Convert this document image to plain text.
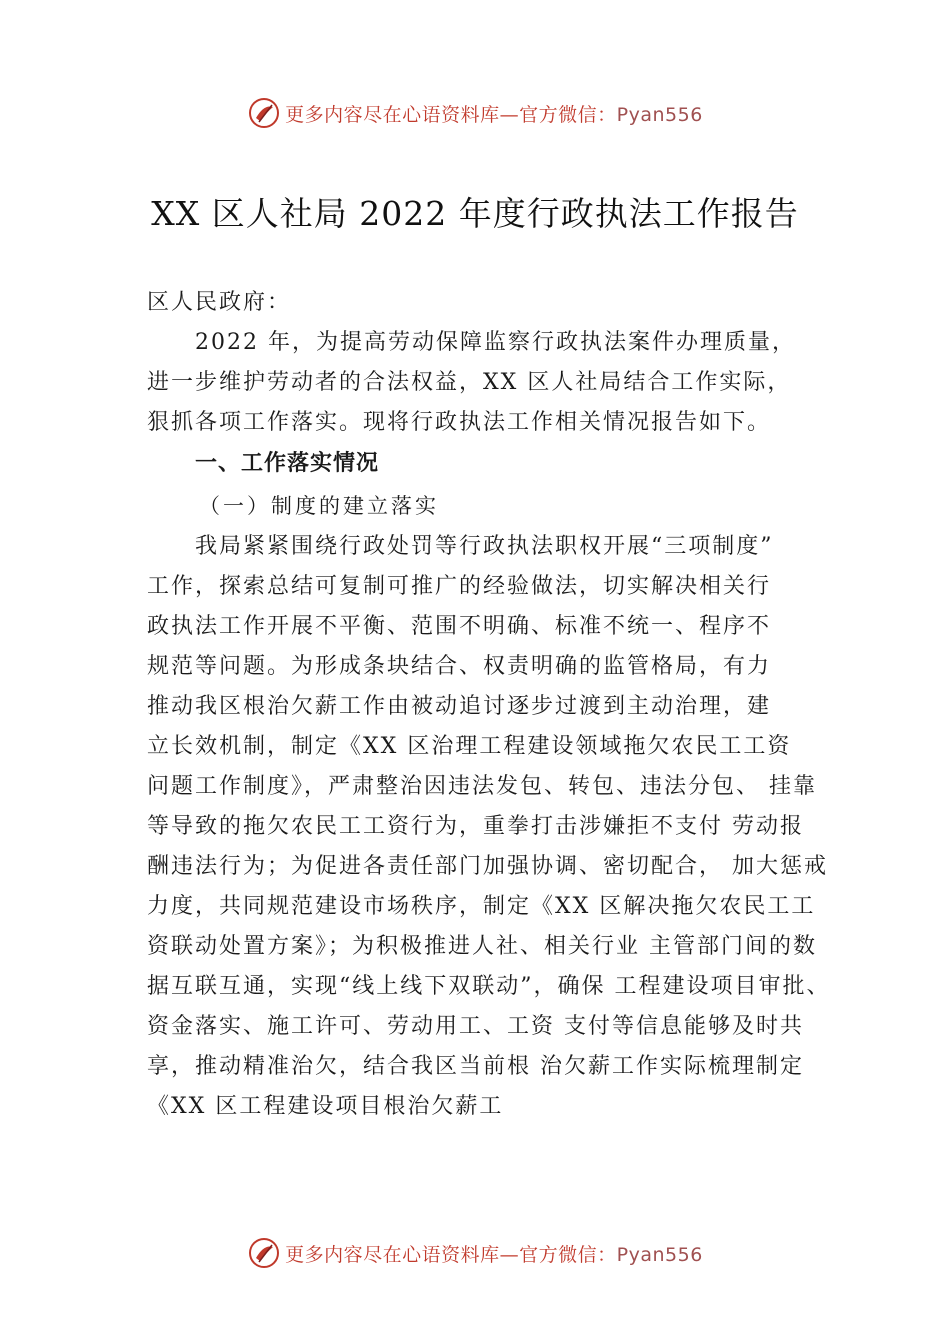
更多内容尽在心语资料库—官方微信：Pyan556
XX 区人社局 2022 年度行政执法工作报告
区人民政府：
2022 年，为提高劳动保障监察行政执法案件办理质量，
进一步维护劳动者的合法权益，XX 区人社局结合工作实际，
狠抓各项工作落实。现将行政执法工作相关情况报告如下。
一、工作落实情况
（一）制度的建立落实
我局紧紧围绕行政处罚等行政执法职权开展“三项制度”
工作，探索总结可复制可推广的经验做法，切实解决相关行
政执法工作开展不平衡、范围不明确、标准不统一、程序不
规范等问题。为形成条块结合、权责明确的监管格局，有力
推动我区根治欠薪工作由被动追讨逐步过渡到主动治理，建
立长效机制，制定《XX 区治理工程建设领域拖欠农民工工资
问题工作制度》，严肃整治因违法发包、转包、违法分包、 挂靠
等导致的拖欠农民工工资行为，重拳打击涉嫌拒不支付 劳动报
酬违法行为；为促进各责任部门加强协调、密切配合， 加大惩戒
力度，共同规范建设市场秩序，制定《XX 区解决拖欠农民工工
资联动处置方案》；为积极推进人社、相关行业 主管部门间的数
据互联互通，实现“线上线下双联动”，确保 工程建设项目审批、
资金落实、施工许可、劳动用工、工资 支付等信息能够及时共
享，推动精准治欠，结合我区当前根 治欠薪工作实际梳理制定
《XX 区工程建设项目根治欠薪工
更多内容尽在心语资料库—官方微信：Pyan556
